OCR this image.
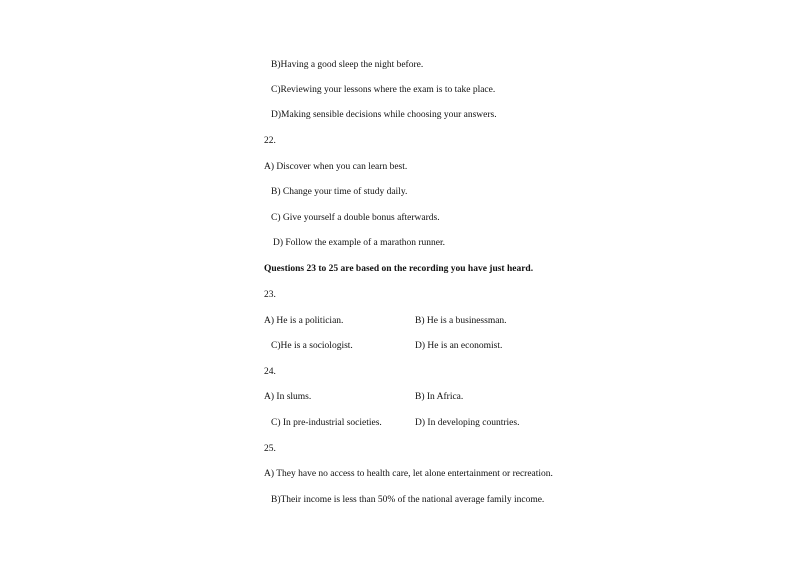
B)Having a good sleep the night before.
C)Reviewing your lessons where the exam is to take place.
D)Making sensible decisions while choosing your answers.
22.
A) Discover when you can learn best.
B) Change your time of study daily.
C) Give yourself a double bonus afterwards.
D) Follow the example of a marathon runner.
Questions 23 to 25 are based on the recording you have just heard.
23.
A) He is a politician.	B) He is a businessman.
C)He is a sociologist.	D) He is an economist.
24.
A) In slums.	B) In Africa.
C) In pre-industrial societies.	D) In developing countries.
25.
A) They have no access to health care, let alone entertainment or recreation.
B)Their income is less than 50% of the national average family income.
